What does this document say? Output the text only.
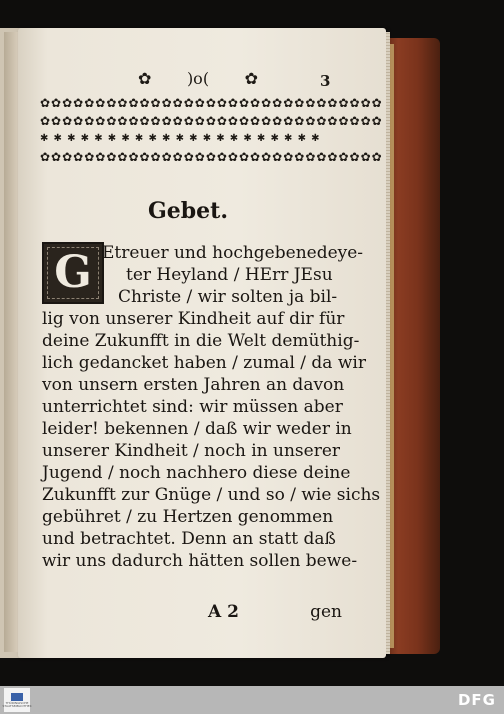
✿ )o( ✿	3
✿✿✿✿✿✿✿✿✿✿✿✿✿✿✿✿✿✿✿✿✿✿✿✿✿✿✿✿✿✿✿
✿✿✿✿✿✿✿✿✿✿✿✿✿✿✿✿✿✿✿✿✿✿✿✿✿✿✿✿✿✿✿
✱ ✱ ✱ ✱ ✱ ✱ ✱ ✱ ✱ ✱ ✱ ✱ ✱ ✱ ✱ ✱ ✱ ✱ ✱ ✱ ✱
✿✿✿✿✿✿✿✿✿✿✿✿✿✿✿✿✿✿✿✿✿✿✿✿✿✿✿✿✿✿✿
Gebet.
G Etreuer und hochgebenedeye-
ter Heyland / HErr JEsu
Christe / wir solten ja bil-
lig von unserer Kindheit auf dir für
deine Zukunfft in die Welt demüthig-
lich gedancket haben / zumal / da wir
von unsern ersten Jahren an davon
unterrichtet sind: wir müssen aber
leider! bekennen / daß wir weder in
unserer Kindheit / noch in unserer
Jugend / noch nachhero diese deine
Zukunfft zur Gnüge / und so / wie sichs
gebühret / zu Hertzen genommen
und betrachtet. Denn an statt daß
wir uns dadurch hätten sollen bewe-
A 2	gen
THÜRINGISCHE STAATSBIBLIOTHEK	DFG
